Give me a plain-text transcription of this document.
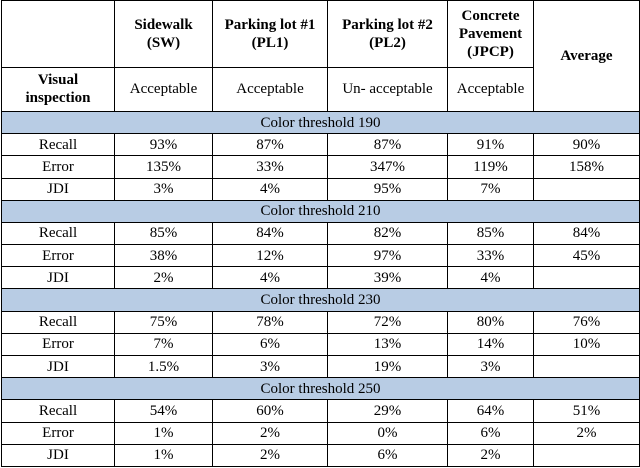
	Sidewalk (SW)	Parking lot #1 (PL1)	Parking lot #2 (PL2)	Concrete Pavement (JPCP)	Average
Visual inspection	Acceptable	Acceptable	Un- acceptable	Acceptable	
Color threshold 190					
Recall	93%	87%	87%	91%	90%
Error	135%	33%	347%	119%	158%
JDI	3%	4%	95%	7%	
Color threshold 210					
Recall	85%	84%	82%	85%	84%
Error	38%	12%	97%	33%	45%
JDI	2%	4%	39%	4%	
Color threshold 230					
Recall	75%	78%	72%	80%	76%
Error	7%	6%	13%	14%	10%
JDI	1.5%	3%	19%	3%	
Color threshold 250					
Recall	54%	60%	29%	64%	51%
Error	1%	2%	0%	6%	2%
JDI	1%	2%	6%	2%	
